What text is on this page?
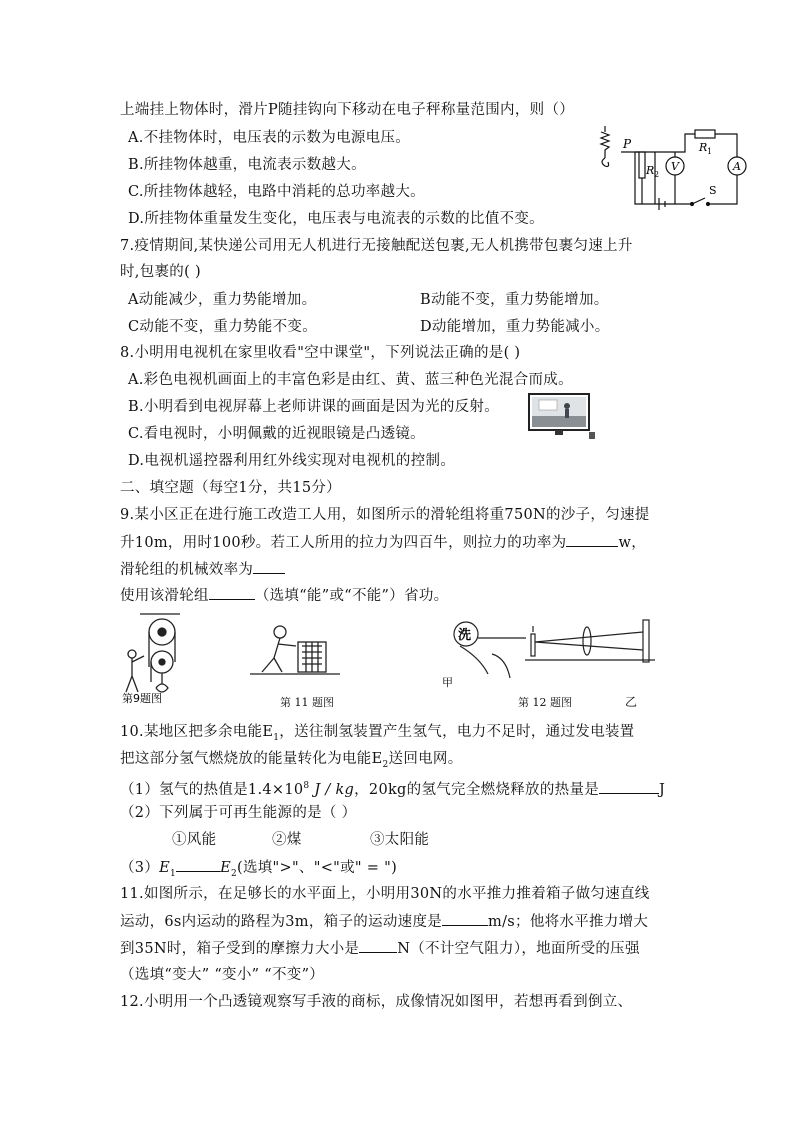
上端挂上物体时，滑片P随挂钩向下移动在电子秤称量范围内，则（）
A.不挂物体时，电压表的示数为电源电压。
B.所挂物体越重，电流表示数越大。
C.所挂物体越轻，电路中消耗的总功率越大。
D.所挂物体重量发生变化，电压表与电流表的示数的比值不变。
P
R 2
V
R 1
A
S
7.疫情期间,某快递公司用无人机进行无接触配送包裹,无人机携带包裹匀速上升
时,包裹的( )
A动能减少，重力势能增加。	B动能不变，重力势能增加。
C动能不变，重力势能不变。	D动能增加，重力势能减小。
8.小明用电视机在家里收看"空中课堂"，下列说法正确的是( )
A.彩色电视机画面上的丰富色彩是由红、黄、蓝三种色光混合而成。
B.小明看到电视屏幕上老师讲课的画面是因为光的反射。
C.看电视时，小明佩戴的近视眼镜是凸透镜。
D.电视机遥控器利用红外线实现对电视机的控制。
二、填空题（每空1分，共15分）
9.某小区正在进行施工改造工人用，如图所示的滑轮组将重750N的沙子，匀速提
升10m，用时100秒。若工人所用的拉力为四百牛，则拉力的功率为	w，
滑轮组的机械效率为
使用该滑轮组	（选填“能”或“不能”）省功。
第9题图	第 11 题图
洗
甲
第 12 题图	乙
10.某地区把多余电能$E_1$，送往制氢装置产生氢气，电力不足时，通过发电装置
把这部分氢气燃烧放的能量转化为电能$E_2$送回电网。
（1）氢气的热值是$1.4\times 10^8$ J / kg，20kg的氢气完全燃烧释放的热量是	J
（2）下列属于可再生能源的是（ ）
①风能	②煤	③太阳能
$(3)E_1$	$E_2$(选填">"、"<"或" = ")
11.如图所示，在足够长的水平面上，小明用30N的水平推力推着箱子做匀速直线
运动，6s内运动的路程为3m，箱子的运动速度是	m/s；他将水平推力增大
到35N时，箱子受到的摩擦力大小是	N（不计空气阻力），地面所受的压强
（选填“变大” “变小” “不变”）
12.小明用一个凸透镜观察写手液的商标，成像情况如图甲，若想再看到倒立、
